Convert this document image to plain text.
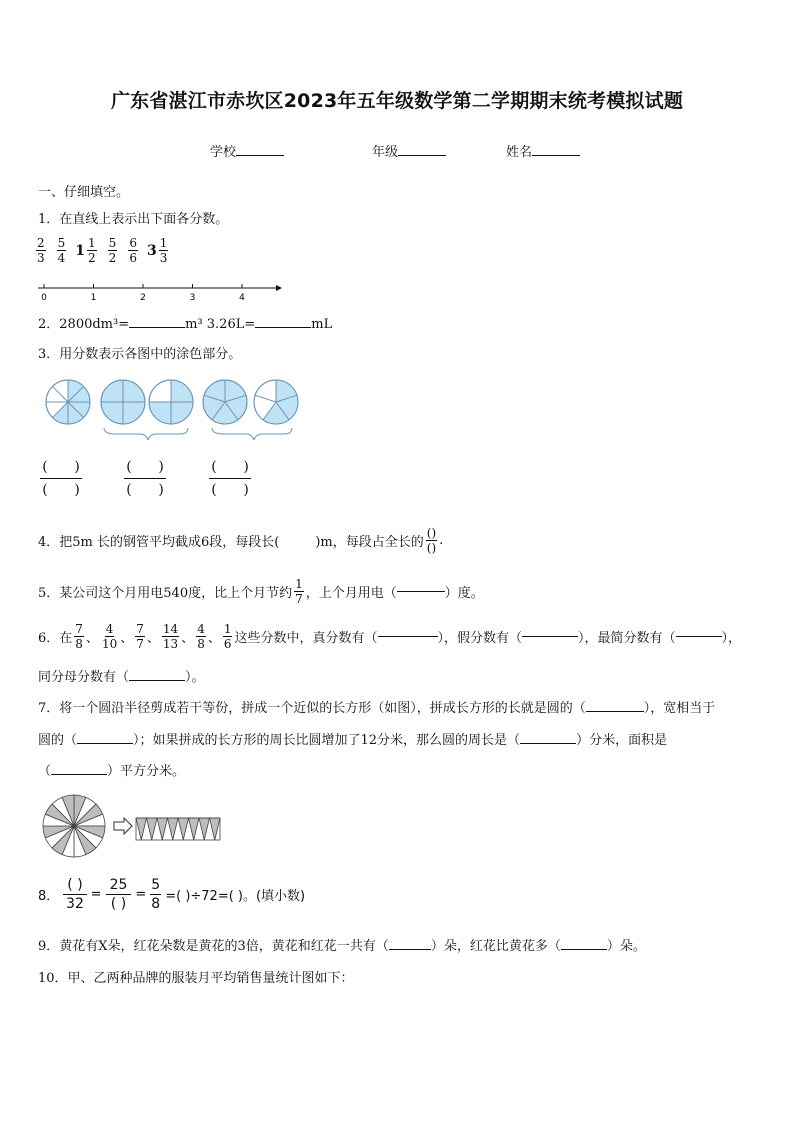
广东省湛江市赤坎区2023年五年级数学第二学期期末统考模拟试题
学校	年级	姓名
一、仔细填空。
1．在直线上表示出下面各分数。
$\frac{2}{3} \frac{5}{4} 1 \frac{1}{2} \frac{5}{2} \frac{6}{6} 3 \frac{1}{3}$
0	1	2	3	4
2．2800dm³=	m³ 3.26L=	mL
3．用分数表示各图中的涂色部分。
$\frac{( )}{( )}$	$\frac{( )}{( )}$	$\frac{( )}{( )}$
4．把5m 长的钢管平均截成6段，每段长(	)m，每段占全长的 $\frac{()}{()}$ .
5．某公司这个月用电540度，比上个月节约 $\frac{1}{7}$ ，上个月用电（	）度。
6．在 $\frac{7}{8}$ 、 $\frac{4}{10}$ 、 $\frac{7}{7}$ 、 $\frac{14}{13}$ 、 $\frac{4}{8}$ 、 $\frac{1}{6}$ 这些分数中，真分数有（	），假分数有（	），最简分数有（	），
同分母分数有（	）。
7．将一个圆沿半径剪成若干等份，拼成一个近似的长方形（如图），拼成长方形的长就是圆的（	），宽相当于
圆的（	）；如果拼成的长方形的周长比圆增加了12分米，那么圆的周长是（	）分米，面积是
（	）平方分米。
8． $\frac{( )}{32} = \frac{25}{( )} = \frac{5}{8}$ =( )÷72=( )。(填小数)
9．黄花有X朵，红花朵数是黄花的3倍，黄花和红花一共有（	）朵，红花比黄花多（	）朵。
10．甲、乙两种品牌的服装月平均销售量统计图如下：
